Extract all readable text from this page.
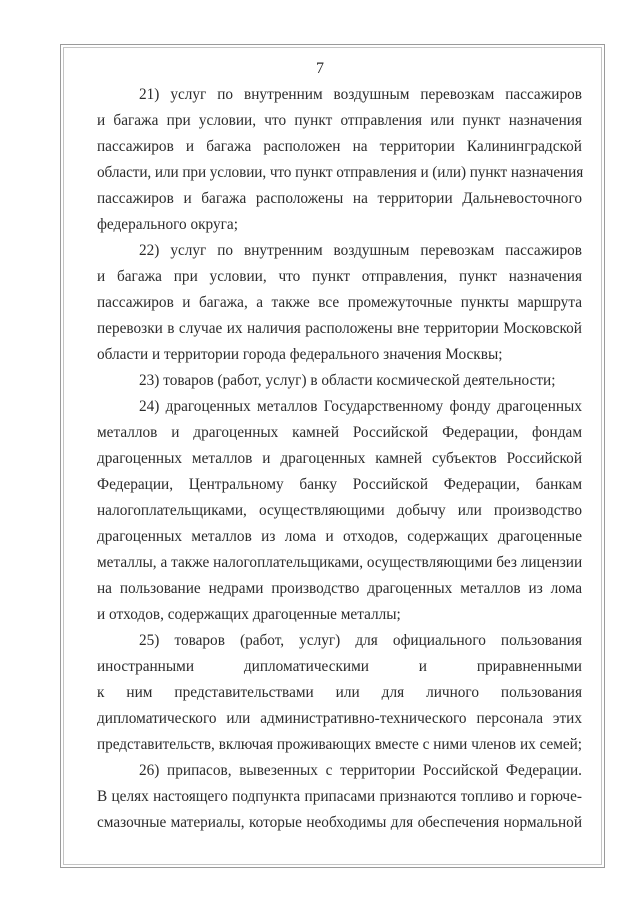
7

21) услуг по внутренним воздушным перевозкам пассажиров
и багажа при условии, что пункт отправления или пункт назначения
пассажиров и багажа расположен на территории Калининградской
области, или при условии, что пункт отправления и (или) пункт назначения
пассажиров и багажа расположены на территории Дальневосточного
федерального округа;
22) услуг по внутренним воздушным перевозкам пассажиров
и багажа при условии, что пункт отправления, пункт назначения
пассажиров и багажа, а также все промежуточные пункты маршрута
перевозки в случае их наличия расположены вне территории Московской
области и территории города федерального значения Москвы;
23) товаров (работ, услуг) в области космической деятельности;
24) драгоценных металлов Государственному фонду драгоценных
металлов и драгоценных камней Российской Федерации, фондам
драгоценных металлов и драгоценных камней субъектов Российской
Федерации, Центральному банку Российской Федерации, банкам
налогоплательщиками, осуществляющими добычу или производство
драгоценных металлов из лома и отходов, содержащих драгоценные
металлы, а также налогоплательщиками, осуществляющими без лицензии
на пользование недрами производство драгоценных металлов из лома
и отходов, содержащих драгоценные металлы;
25) товаров (работ, услуг) для официального пользования
иностранными дипломатическими и приравненными
к ним представительствами или для личного пользования
дипломатического или административно-технического персонала этих
представительств, включая проживающих вместе с ними членов их семей;
26) припасов, вывезенных с территории Российской Федерации.
В целях настоящего подпункта припасами признаются топливо и горюче-
смазочные материалы, которые необходимы для обеспечения нормальной
